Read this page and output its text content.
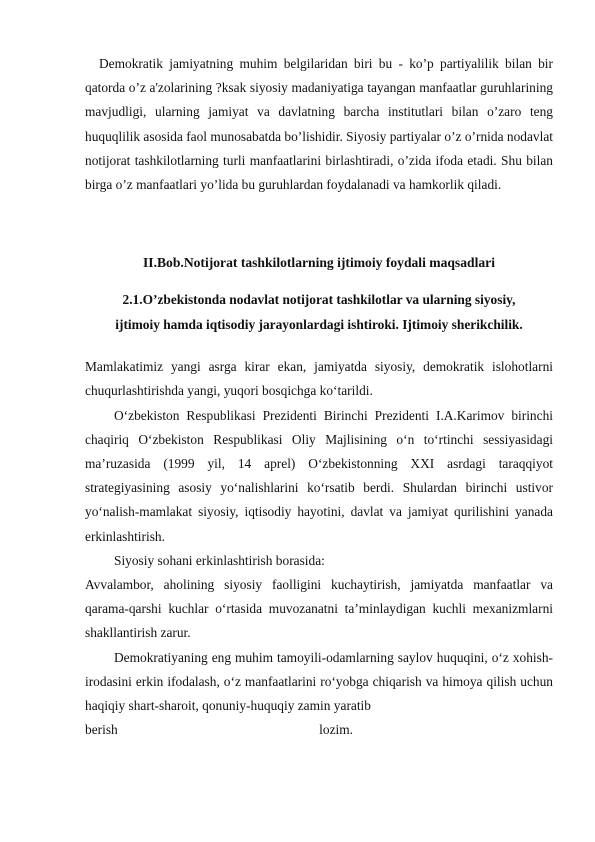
Demokratik jamiyatning muhim belgilaridan biri bu - ko’p partiyalilik bilan bir qatorda o’z a'zolarining ?ksak siyosiy madaniyatiga tayangan manfaatlar guruhlarining mavjudligi, ularning jamiyat va davlatning barcha institutlari bilan o’zaro teng huquqlilik asosida faol munosabatda bo’lishidir. Siyosiy partiyalar o’z o’rnida nodavlat notijorat tashkilotlarning turli manfaatlarini birlashtiradi, o’zida ifoda etadi. Shu bilan birga o’z manfaatlari yo’lida bu guruhlardan foydalanadi va hamkorlik qiladi.

II.Bob.Notijorat tashkilotlarning ijtimoiy foydali maqsadlari
2.1.O’zbekistonda nodavlat notijorat tashkilotlar va ularning siyosiy,
ijtimoiy hamda iqtisodiy jarayonlardagi ishtiroki. Ijtimoiy sherikchilik.

Mamlakatimiz yangi asrga kirar ekan, jamiyatda siyosiy, demokratik islohotlarni chuqurlashtirishda yangi, yuqori bosqichga ko‘tarildi.

O‘zbekiston Respublikasi Prezidenti Birinchi Prezidenti I.A.Karimov birinchi chaqiriq O‘zbekiston Respublikasi Oliy Majlisining o‘n to‘rtinchi sessiyasidagi ma’ruzasida (1999 yil, 14 aprel) O‘zbekistonning XXI asrdagi taraqqiyot strategiyasining asosiy yo‘nalishlarini ko‘rsatib berdi. Shulardan birinchi ustivor yo‘nalish-mamlakat siyosiy, iqtisodiy hayotini, davlat va jamiyat qurilishini yanada erkinlashtirish.

Siyosiy sohani erkinlashtirish borasida:

Avvalambor, aholining siyosiy faolligini kuchaytirish, jamiyatda manfaatlar va qarama-qarshi kuchlar o‘rtasida muvozanatni ta’minlaydigan kuchli mexanizmlarni shakllantirish zarur.

Demokratiyaning eng muhim tamoyili-odamlarning saylov huquqini, o‘z xohish-irodasini erkin ifodalash, o‘z manfaatlarini ro‘yobga chiqarish va himoya qilish uchun haqiqiy shart-sharoit, qonuniy-huquqiy zamin yaratib

berish	lozim.
